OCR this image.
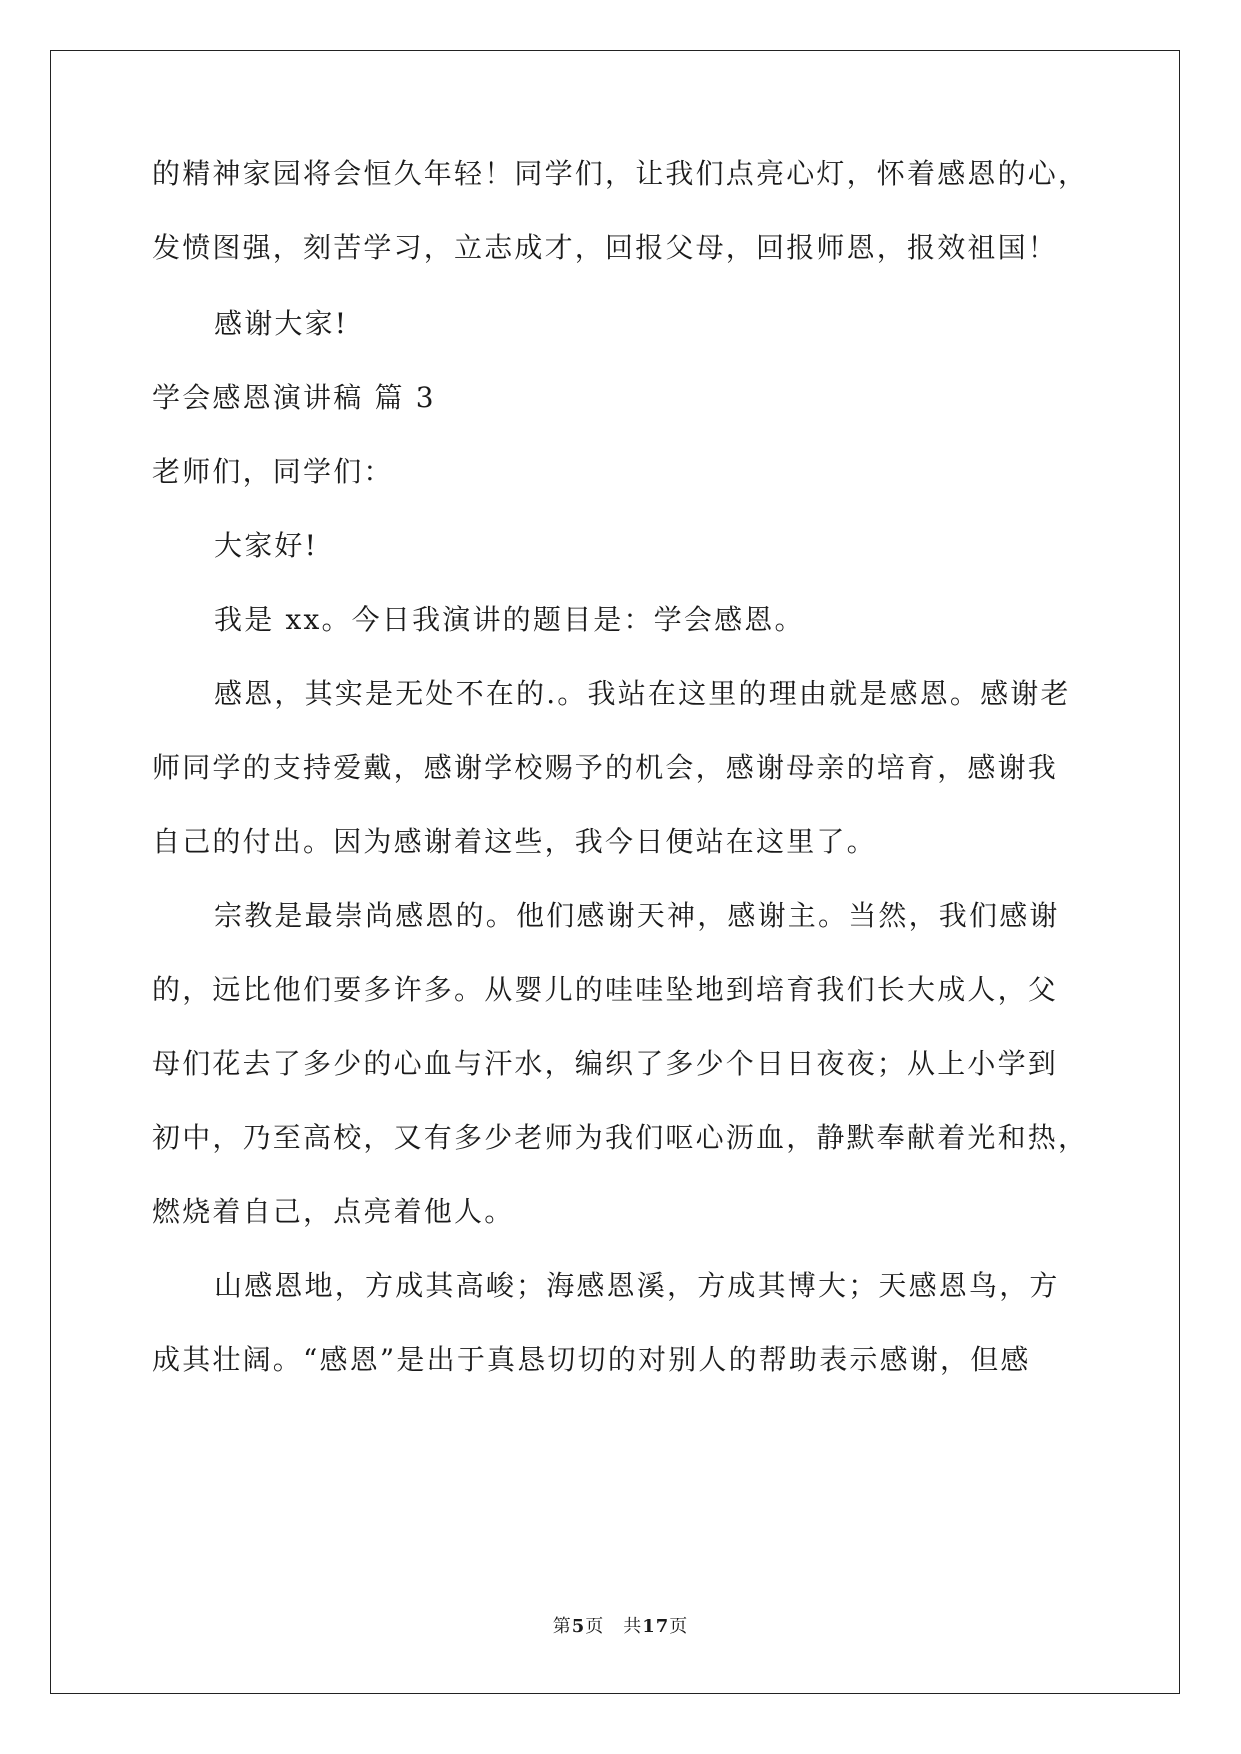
的精神家园将会恒久年轻！同学们，让我们点亮心灯，怀着感恩的心，
发愤图强，刻苦学习，立志成才，回报父母，回报师恩，报效祖国！
感谢大家!
学会感恩演讲稿 篇 3
老师们，同学们：
大家好!
我是 xx。今日我演讲的题目是：学会感恩。
感恩，其实是无处不在的.。我站在这里的理由就是感恩。感谢老
师同学的支持爱戴，感谢学校赐予的机会，感谢母亲的培育，感谢我
自己的付出。因为感谢着这些，我今日便站在这里了。
宗教是最崇尚感恩的。他们感谢天神，感谢主。当然，我们感谢
的，远比他们要多许多。从婴儿的哇哇坠地到培育我们长大成人，父
母们花去了多少的心血与汗水，编织了多少个日日夜夜；从上小学到
初中，乃至高校，又有多少老师为我们呕心沥血，静默奉献着光和热，
燃烧着自己，点亮着他人。
山感恩地，方成其高峻；海感恩溪，方成其博大；天感恩鸟，方
成其壮阔。“感恩”是出于真恳切切的对别人的帮助表示感谢，但感
第5页　共17页
